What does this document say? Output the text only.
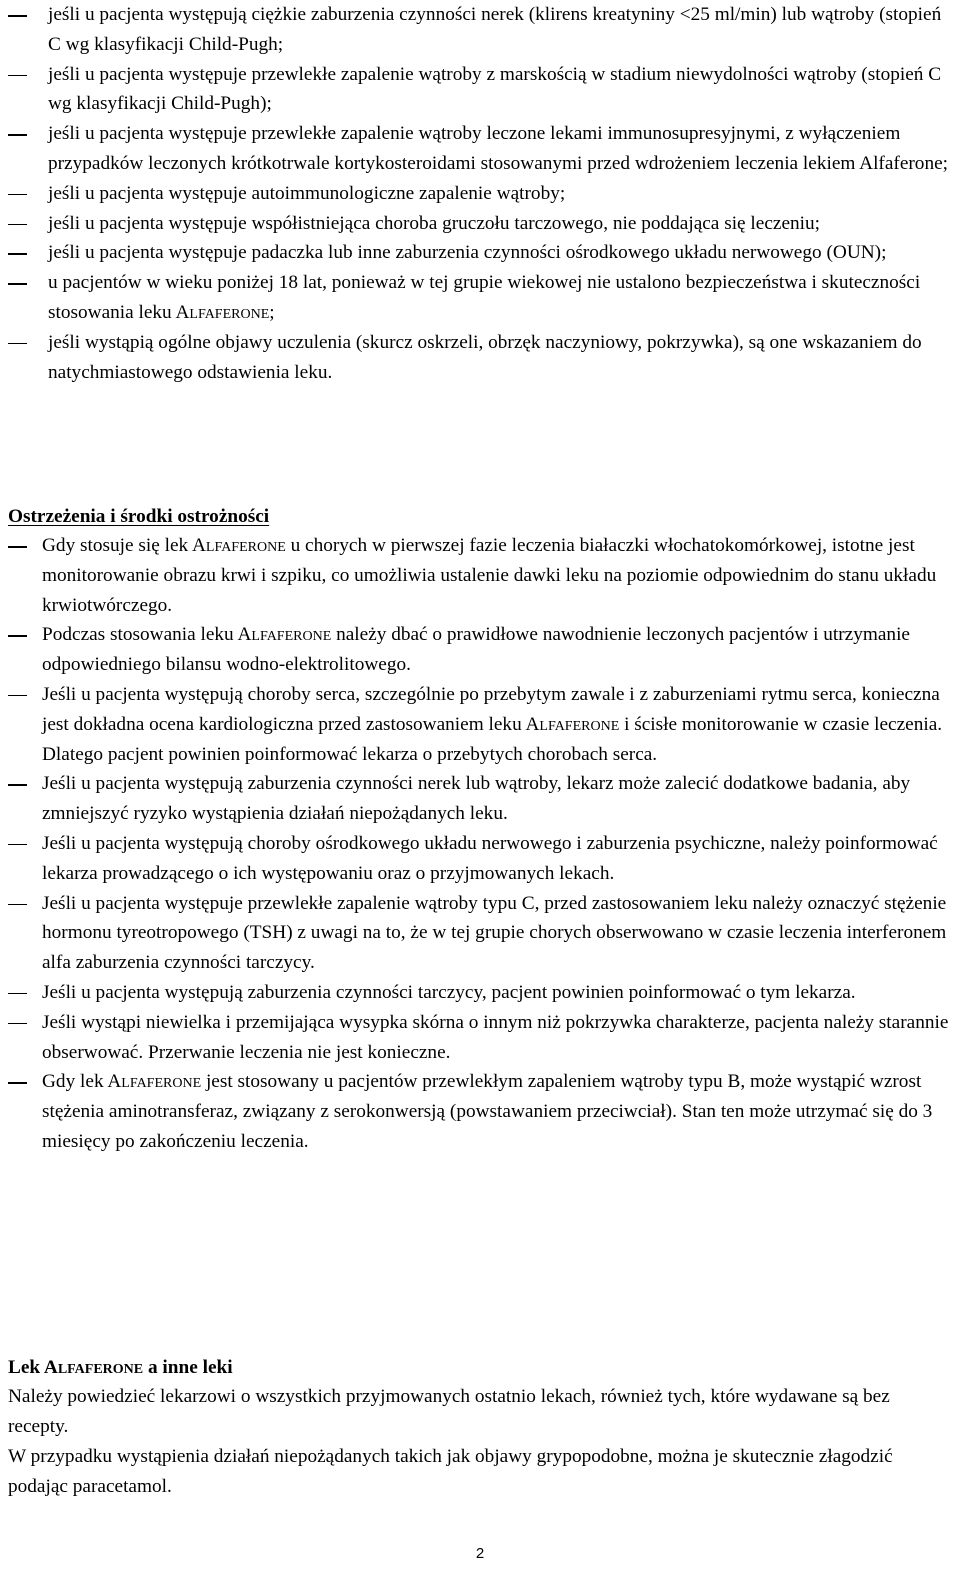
jeśli u pacjenta występują ciężkie zaburzenia czynności nerek (klirens kreatyniny <25 ml/min) lub wątroby (stopień C wg klasyfikacji Child-Pugh;
jeśli u pacjenta występuje przewlekłe zapalenie wątroby z marskością w stadium niewydolności wątroby (stopień C wg klasyfikacji Child-Pugh);
jeśli u pacjenta występuje przewlekłe zapalenie wątroby leczone lekami immunosupresyjnymi, z wyłączeniem przypadków leczonych krótkotrwale kortykosteroidami stosowanymi przed wdrożeniem leczenia lekiem Alfaferone;
jeśli u pacjenta występuje autoimmunologiczne zapalenie wątroby;
jeśli u pacjenta występuje współistniejąca choroba gruczołu tarczowego, nie poddająca się leczeniu;
jeśli u pacjenta występuje padaczka lub inne zaburzenia czynności ośrodkowego układu nerwowego (OUN);
u pacjentów w wieku poniżej 18 lat, ponieważ w tej grupie wiekowej nie ustalono bezpieczeństwa i skuteczności stosowania leku Alfaferone;
jeśli wystąpią ogólne objawy uczulenia (skurcz oskrzeli, obrzęk naczyniowy, pokrzywka), są one wskazaniem do natychmiastowego odstawienia leku.
Ostrzeżenia i środki ostrożności
Gdy stosuje się lek Alfaferone u chorych w pierwszej fazie leczenia białaczki włochatokomórkowej, istotne jest monitorowanie obrazu krwi i szpiku, co umożliwia ustalenie dawki leku na poziomie odpowiednim do stanu układu krwiotwórczego.
Podczas stosowania leku Alfaferone należy dbać o prawidłowe nawodnienie leczonych pacjentów i utrzymanie odpowiedniego bilansu wodno-elektrolitowego.
Jeśli u pacjenta występują choroby serca, szczególnie po przebytym zawale i z zaburzeniami rytmu serca, konieczna jest dokładna ocena kardiologiczna przed zastosowaniem leku Alfaferone i ścisłe monitorowanie w czasie leczenia. Dlatego pacjent powinien poinformować lekarza o przebytych chorobach serca.
Jeśli u pacjenta występują zaburzenia czynności nerek lub wątroby, lekarz może zalecić dodatkowe badania, aby zmniejszyć ryzyko wystąpienia działań niepożądanych leku.
Jeśli u pacjenta występują choroby ośrodkowego układu nerwowego i zaburzenia psychiczne, należy poinformować lekarza prowadzącego o ich występowaniu oraz o przyjmowanych lekach.
Jeśli u pacjenta występuje przewlekłe zapalenie wątroby typu C, przed zastosowaniem leku należy oznaczyć stężenie hormonu tyreotropowego (TSH) z uwagi na to, że w tej grupie chorych obserwowano w czasie leczenia interferonem alfa zaburzenia czynności tarczycy.
Jeśli u pacjenta występują zaburzenia czynności tarczycy, pacjent powinien poinformować o tym lekarza.
Jeśli wystąpi niewielka i przemijająca wysypka skórna o innym niż pokrzywka charakterze, pacjenta należy starannie obserwować. Przerwanie leczenia nie jest konieczne.
Gdy lek Alfaferone jest stosowany u pacjentów przewlekłym zapaleniem wątroby typu B, może wystąpić wzrost stężenia aminotransferaz, związany z serokonwersją (powstawaniem przeciwciał). Stan ten może utrzymać się do 3 miesięcy po zakończeniu leczenia.
Lek Alfaferone a inne leki

Należy powiedzieć lekarzowi o wszystkich przyjmowanych ostatnio lekach, również tych, które wydawane są bez recepty.

W przypadku wystąpienia działań niepożądanych takich jak objawy grypopodobne, można je skutecznie złagodzić podając paracetamol.

2
